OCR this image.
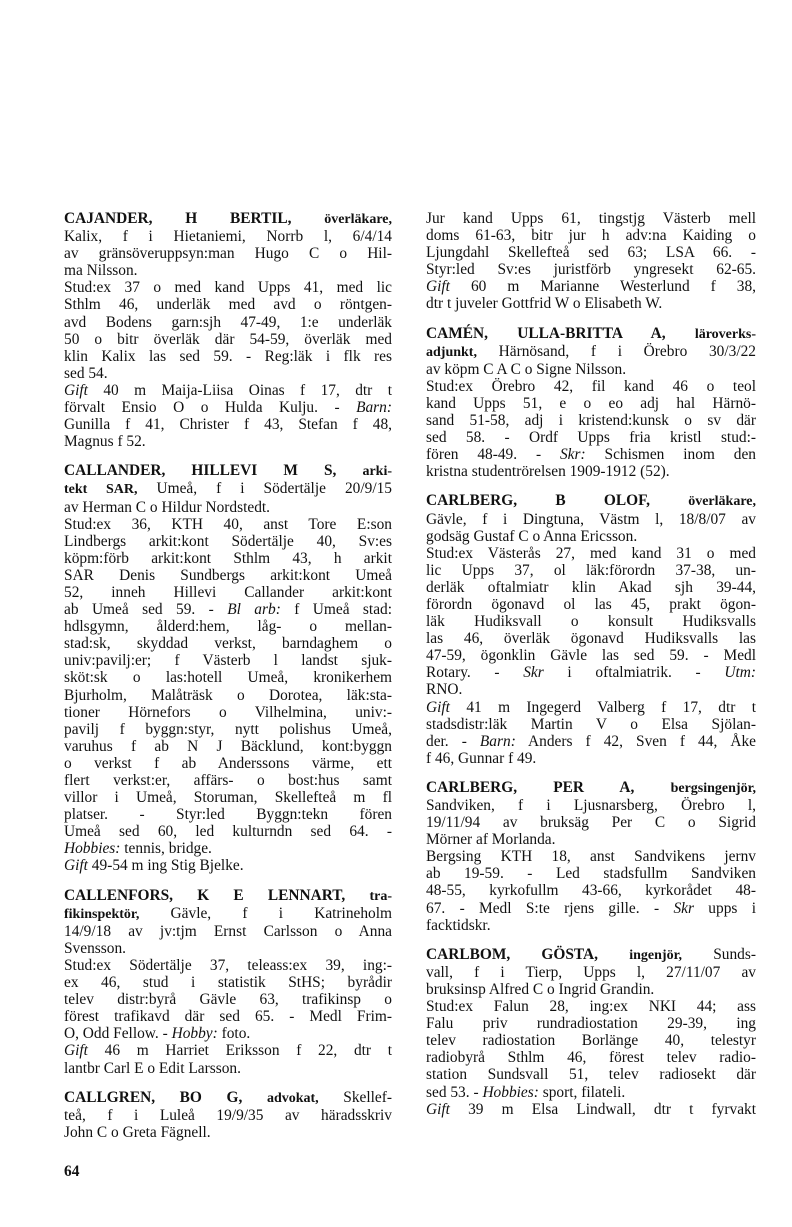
CAJANDER, H BERTIL, överläkare,
Kalix, f i Hietaniemi, Norrb l, 6/4/14
av gränsöveruppsyn:man Hugo C o Hil-
ma Nilsson.
Stud:ex 37 o med kand Upps 41, med lic
Sthlm 46, underläk med avd o röntgen-
avd Bodens garn:sjh 47-49, 1:e underläk
50 o bitr överläk där 54-59, överläk med
klin Kalix las sed 59. - Reg:läk i flk res
sed 54.
Gift 40 m Maija-Liisa Oinas f 17, dtr t
förvalt Ensio O o Hulda Kulju. - Barn:
Gunilla f 41, Christer f 43, Stefan f 48,
Magnus f 52.
CALLANDER, HILLEVI M S, arki-
tekt SAR, Umeå, f i Södertälje 20/9/15
av Herman C o Hildur Nordstedt.
Stud:ex 36, KTH 40, anst Tore E:son
Lindbergs arkit:kont Södertälje 40, Sv:es
köpm:förb arkit:kont Sthlm 43, h arkit
SAR Denis Sundbergs arkit:kont Umeå
52, inneh Hillevi Callander arkit:kont
ab Umeå sed 59. - Bl arb: f Umeå stad:
hdlsgymn, ålderd:hem, låg- o mellan-
stad:sk, skyddad verkst, barndaghem o
univ:pavilj:er; f Västerb l landst sjuk-
sköt:sk o las:hotell Umeå, kronikerhem
Bjurholm, Malåträsk o Dorotea, läk:sta-
tioner Hörnefors o Vilhelmina, univ:-
pavilj f byggn:styr, nytt polishus Umeå,
varuhus f ab N J Bäcklund, kont:byggn
o verkst f ab Anderssons värme, ett
flert verkst:er, affärs- o bost:hus samt
villor i Umeå, Storuman, Skellefteå m fl
platser. - Styr:led Byggn:tekn fören
Umeå sed 60, led kulturndn sed 64. -
Hobbies: tennis, bridge.
Gift 49-54 m ing Stig Bjelke.
CALLENFORS, K E LENNART, tra-
fikinspektör, Gävle, f i Katrineholm
14/9/18 av jv:tjm Ernst Carlsson o Anna
Svensson.
Stud:ex Södertälje 37, teleass:ex 39, ing:-
ex 46, stud i statistik StHS; byrådir
telev distr:byrå Gävle 63, trafikinsp o
förest trafikavd där sed 65. - Medl Frim-
O, Odd Fellow. - Hobby: foto.
Gift 46 m Harriet Eriksson f 22, dtr t
lantbr Carl E o Edit Larsson.
CALLGREN, BO G, advokat, Skellef-
teå, f i Luleå 19/9/35 av häradsskriv
John C o Greta Fägnell.
Jur kand Upps 61, tingstjg Västerb mell
doms 61-63, bitr jur h adv:na Kaiding o
Ljungdahl Skellefteå sed 63; LSA 66. -
Styr:led Sv:es juristförb yngresekt 62-65.
Gift 60 m Marianne Westerlund f 38,
dtr t juveler Gottfrid W o Elisabeth W.
CAMÉN, ULLA-BRITTA A, läroverks-
adjunkt, Härnösand, f i Örebro 30/3/22
av köpm C A C o Signe Nilsson.
Stud:ex Örebro 42, fil kand 46 o teol
kand Upps 51, e o eo adj hal Härnö-
sand 51-58, adj i kristend:kunsk o sv där
sed 58. - Ordf Upps fria kristl stud:-
fören 48-49. - Skr: Schismen inom den
kristna studentrörelsen 1909-1912 (52).
CARLBERG, B OLOF, överläkare,
Gävle, f i Dingtuna, Västm l, 18/8/07 av
godsäg Gustaf C o Anna Ericsson.
Stud:ex Västerås 27, med kand 31 o med
lic Upps 37, ol läk:förordn 37-38, un-
derläk oftalmiatr klin Akad sjh 39-44,
förordn ögonavd ol las 45, prakt ögon-
läk Hudiksvall o konsult Hudiksvalls
las 46, överläk ögonavd Hudiksvalls las
47-59, ögonklin Gävle las sed 59. - Medl
Rotary. - Skr i oftalmiatrik. - Utm:
RNO.
Gift 41 m Ingegerd Valberg f 17, dtr t
stadsdistr:läk Martin V o Elsa Sjölan-
der. - Barn: Anders f 42, Sven f 44, Åke
f 46, Gunnar f 49.
CARLBERG, PER A, bergsingenjör,
Sandviken, f i Ljusnarsberg, Örebro l,
19/11/94 av bruksäg Per C o Sigrid
Mörner af Morlanda.
Bergsing KTH 18, anst Sandvikens jernv
ab 19-59. - Led stadsfullm Sandviken
48-55, kyrkofullm 43-66, kyrkorådet 48-
67. - Medl S:te rjens gille. - Skr upps i
facktidskr.
CARLBOM, GÖSTA, ingenjör, Sunds-
vall, f i Tierp, Upps l, 27/11/07 av
bruksinsp Alfred C o Ingrid Grandin.
Stud:ex Falun 28, ing:ex NKI 44; ass
Falu priv rundradiostation 29-39, ing
telev radiostation Borlänge 40, telestyr
radiobyrå Sthlm 46, förest telev radio-
station Sundsvall 51, telev radiosekt där
sed 53. - Hobbies: sport, filateli.
Gift 39 m Elsa Lindwall, dtr t fyrvakt
64
